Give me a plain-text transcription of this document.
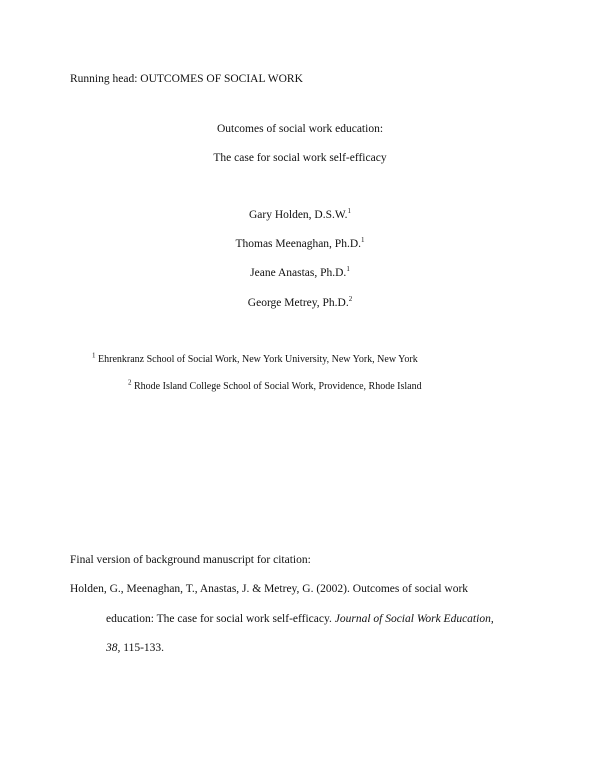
Running head: OUTCOMES OF SOCIAL WORK
Outcomes of social work education:
The case for social work self-efficacy
Gary Holden, D.S.W.$^1$
Thomas Meenaghan, Ph.D.$^1$
Jeane Anastas, Ph.D.$^1$
George Metrey, Ph.D.$^2$
$^1$ Ehrenkranz School of Social Work, New York University, New York, New York
$^2$ Rhode Island College School of Social Work, Providence, Rhode Island
Final version of background manuscript for citation:
Holden, G., Meenaghan, T., Anastas, J. & Metrey, G. (2002). Outcomes of social work
education: The case for social work self-efficacy. Journal of Social Work Education,
38, 115-133.
